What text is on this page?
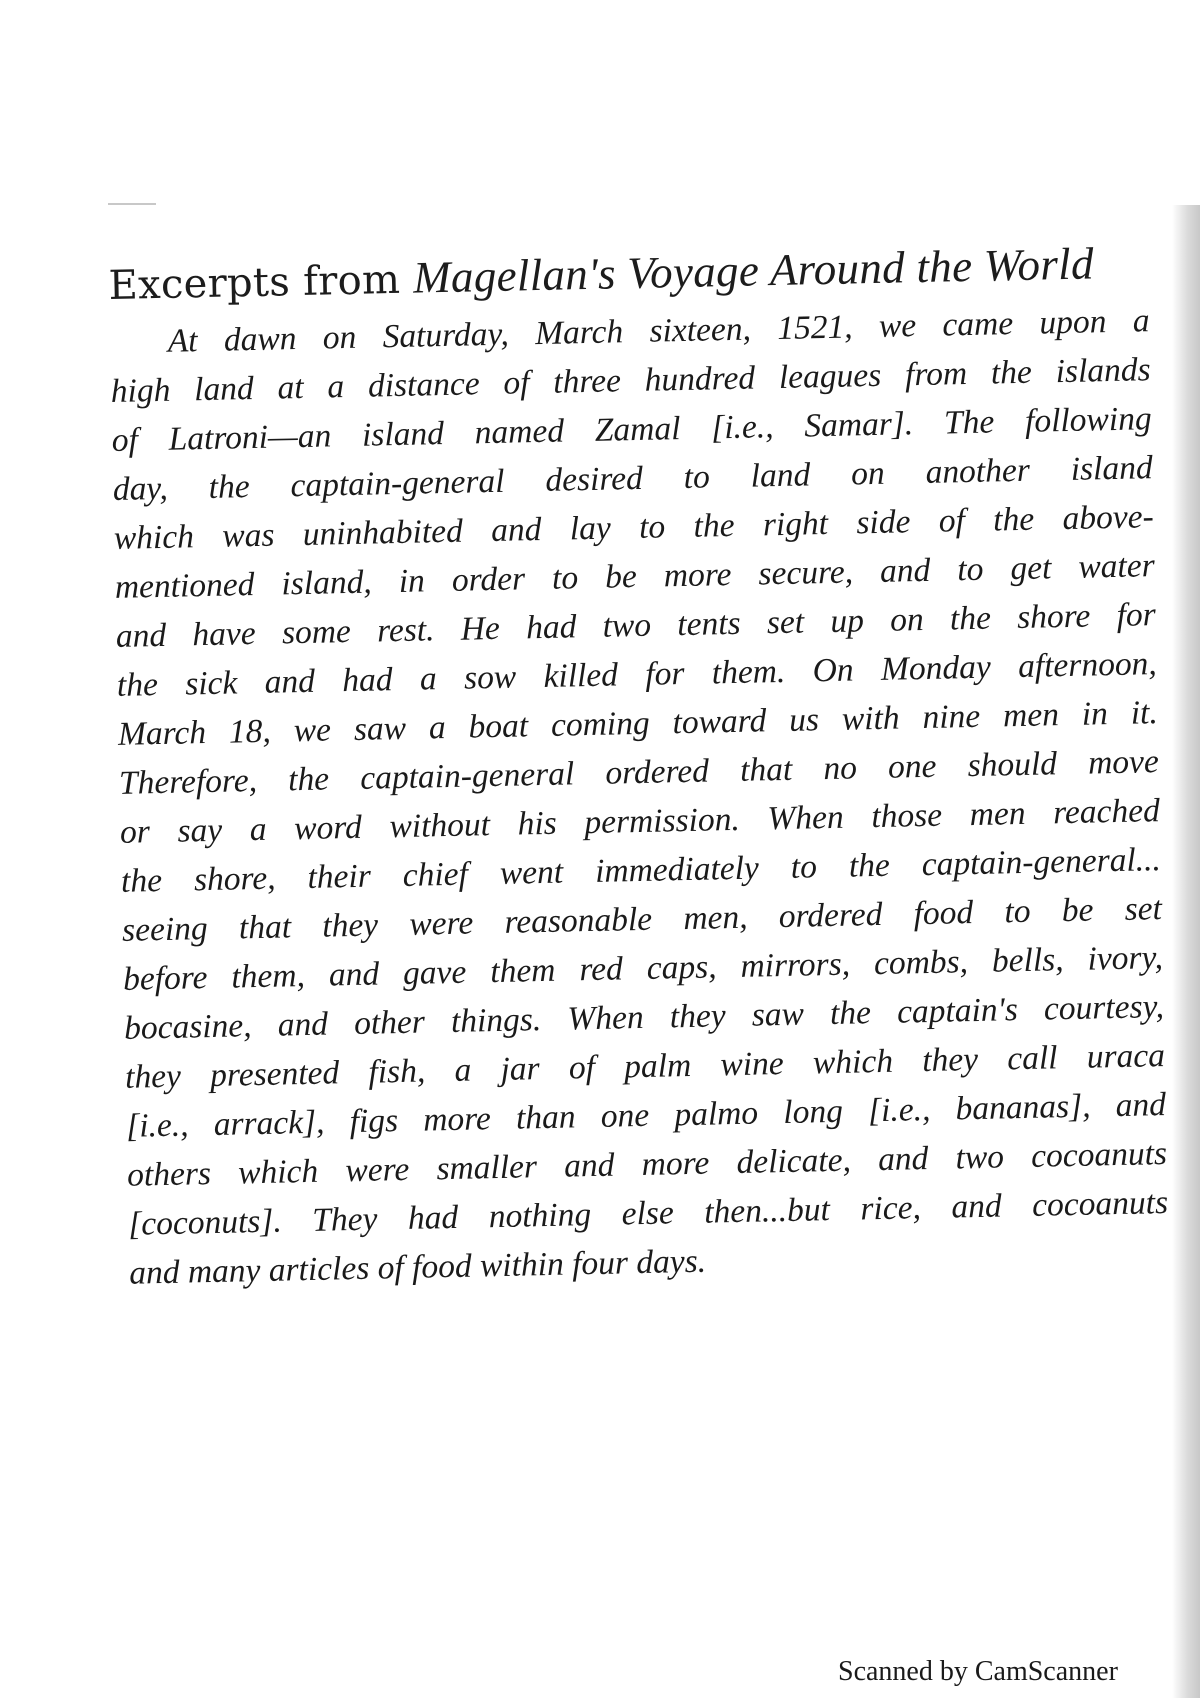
Excerpts from Magellan's Voyage Around the World
At dawn on Saturday, March sixteen, 1521, we came upon a
high land at a distance of three hundred leagues from the islands
of Latroni—an island named Zamal [i.e., Samar]. The following
day, the captain-general desired to land on another island
which was uninhabited and lay to the right side of the above-
mentioned island, in order to be more secure, and to get water
and have some rest. He had two tents set up on the shore for
the sick and had a sow killed for them. On Monday afternoon,
March 18, we saw a boat coming toward us with nine men in it.
Therefore, the captain-general ordered that no one should move
or say a word without his permission. When those men reached
the shore, their chief went immediately to the captain-general...
seeing that they were reasonable men, ordered food to be set
before them, and gave them red caps, mirrors, combs, bells, ivory,
bocasine, and other things. When they saw the captain's courtesy,
they presented fish, a jar of palm wine which they call uraca
[i.e., arrack], figs more than one palmo long [i.e., bananas], and
others which were smaller and more delicate, and two cocoanuts
[coconuts]. They had nothing else then...but rice, and cocoanuts
and many articles of food within four days.
Scanned by CamScanner
